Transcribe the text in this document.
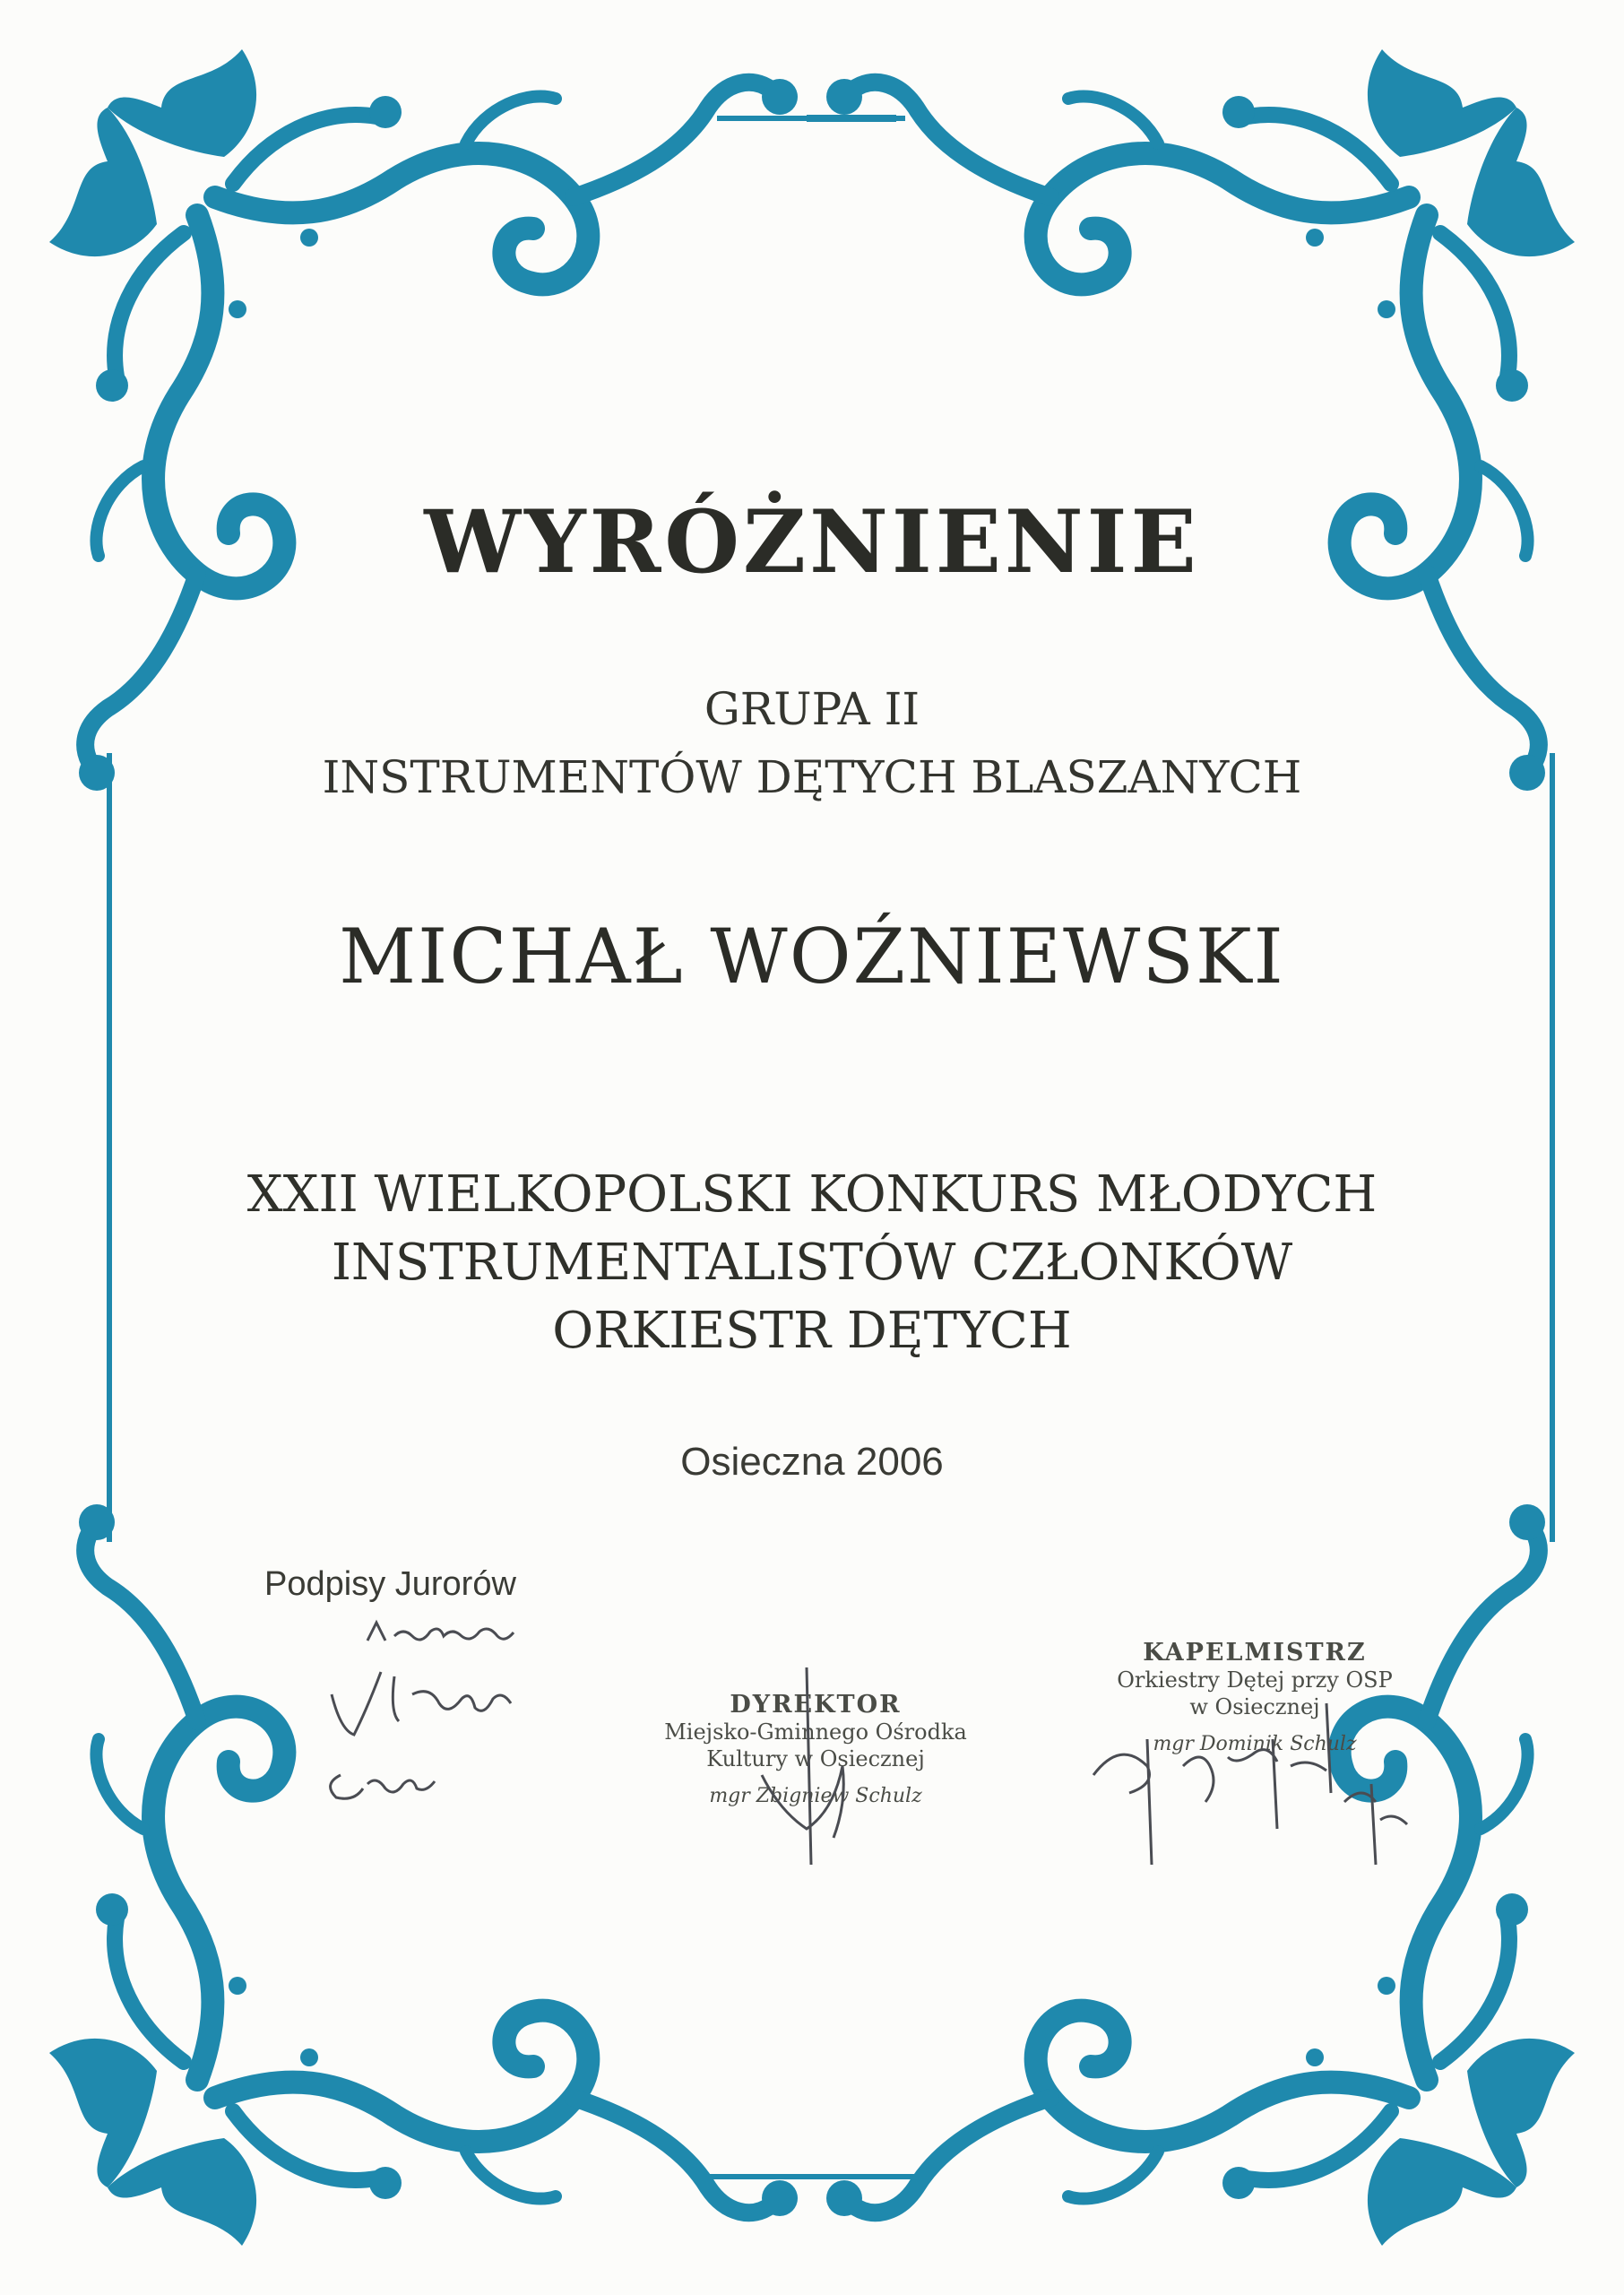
WYRÓŻNIENIE
GRUPA II
INSTRUMENTÓW DĘTYCH BLASZANYCH
MICHAŁ WOŹNIEWSKI
XXII WIELKOPOLSKI KONKURS MŁODYCH
INSTRUMENTALISTÓW CZŁONKÓW
ORKIESTR DĘTYCH
Osieczna 2006
Podpisy Jurorów
DYREKTOR
Miejsko-Gminnego Ośrodka
Kultury w Osiecznej
mgr Zbigniew Schulz
KAPELMISTRZ
Orkiestry Dętej przy OSP
w Osiecznej
mgr Dominik Schulz
